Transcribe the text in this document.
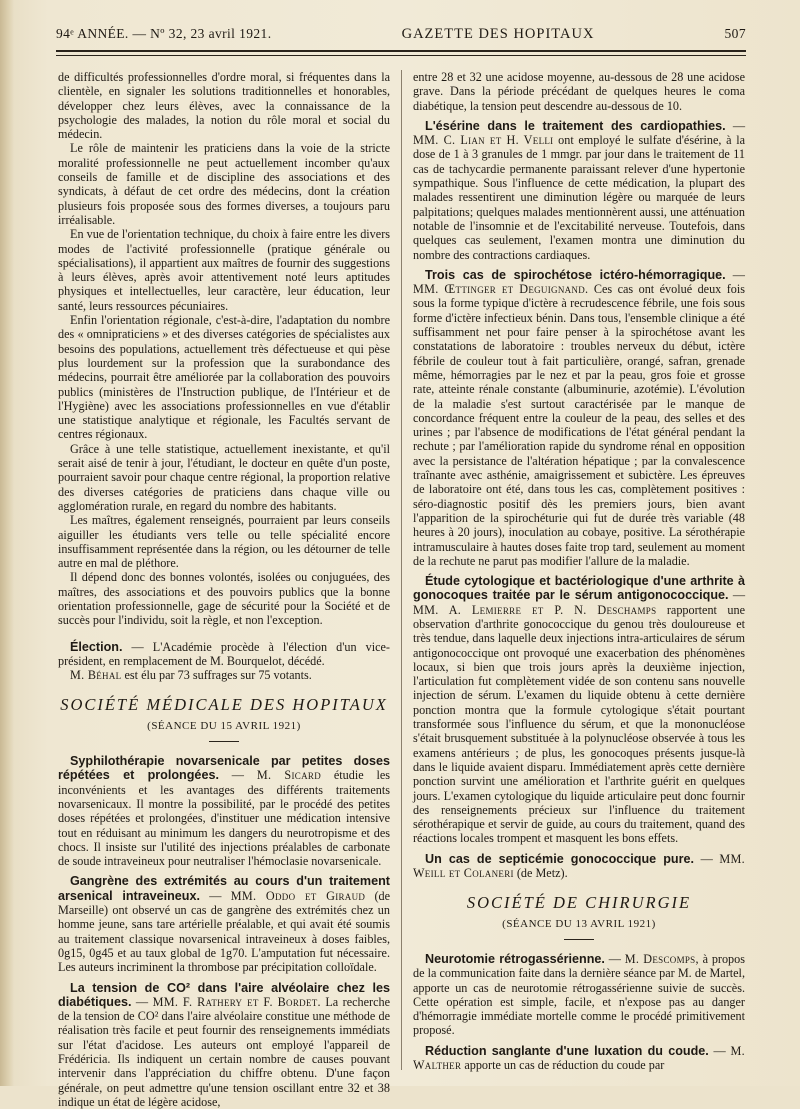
94ᵉ ANNÉE. — Nº 32, 23 avril 1921.	GAZETTE DES HOPITAUX	507

de difficultés professionnelles d'ordre moral, si fréquentes dans la clientèle, en signaler les solutions traditionnelles et honorables, développer chez leurs élèves, avec la connaissance de la psychologie des malades, la notion du rôle moral et social du médecin.

Le rôle de maintenir les praticiens dans la voie de la stricte moralité professionnelle ne peut actuellement incomber qu'aux conseils de famille et de discipline des associations et des syndicats, à défaut de cet ordre des médecins, dont la création plusieurs fois proposée sous des formes diverses, a toujours paru irréalisable.

En vue de l'orientation technique, du choix à faire entre les divers modes de l'activité professionnelle (pratique générale ou spécialisations), il appartient aux maîtres de fournir des suggestions à leurs élèves, après avoir attentivement noté leurs aptitudes physiques et intellectuelles, leur caractère, leur éducation, leur santé, leurs ressources pécuniaires.

Enfin l'orientation régionale, c'est-à-dire, l'adaptation du nombre des « omnipraticiens » et des diverses catégories de spécialistes aux besoins des populations, actuellement très défectueuse et qui pèse plus lourdement sur la profession que la surabondance des médecins, pourrait être améliorée par la collaboration des pouvoirs publics (ministères de l'Instruction publique, de l'Intérieur et de l'Hygiène) avec les associations professionnelles en vue d'établir une statistique analytique et régionale, les Facultés servant de centres régionaux.

Grâce à une telle statistique, actuellement inexistante, et qu'il serait aisé de tenir à jour, l'étudiant, le docteur en quête d'un poste, pourraient savoir pour chaque centre régional, la proportion relative des diverses catégories de praticiens dans chaque ville ou agglomération rurale, en regard du nombre des habitants.

Les maîtres, également renseignés, pourraient par leurs conseils aiguiller les étudiants vers telle ou telle spécialité encore insuffisamment représentée dans la région, ou les détourner de telle autre en mal de pléthore.

Il dépend donc des bonnes volontés, isolées ou conjuguées, des maîtres, des associations et des pouvoirs publics que la bonne orientation professionnelle, gage de sécurité pour la Société et de succès pour l'individu, soit la règle, et non l'exception.

Élection. — L'Académie procède à l'élection d'un vice-président, en remplacement de M. Bourquelot, décédé.

M. Béhal est élu par 73 suffrages sur 75 votants.

SOCIÉTÉ MÉDICALE DES HOPITAUX
(SÉANCE DU 15 AVRIL 1921)

Syphilothérapie novarsenicale par petites doses répétées et prolongées. — M. Sicard étudie les inconvénients et les avantages des différents traitements novarsenicaux. Il montre la possibilité, par le procédé des petites doses répétées et prolongées, d'instituer une médication intensive tout en réduisant au minimum les dangers du neurotropisme et des chocs. Il insiste sur l'utilité des injections préalables de carbonate de soude intraveineux pour neutraliser l'hémoclasie novarsenicale.

Gangrène des extrémités au cours d'un traitement arsenical intraveineux. — MM. Oddo et Giraud (de Marseille) ont observé un cas de gangrène des extrémités chez un homme jeune, sans tare artérielle préalable, et qui avait été soumis au traitement classique novarsenical intraveineux à doses faibles, 0g15, 0g45 et au taux global de 1g70. L'amputation fut nécessaire. Les auteurs incriminent la thrombose par précipitation colloïdale.

La tension de CO² dans l'aire alvéolaire chez les diabétiques. — MM. F. Rathery et F. Bordet. La recherche de la tension de CO² dans l'aire alvéolaire constitue une méthode de réalisation très facile et peut fournir des renseignements immédiats sur l'état d'acidose. Les auteurs ont employé l'appareil de Frédéricia. Ils indiquent un certain nombre de causes pouvant intervenir dans l'appréciation du chiffre obtenu. D'une façon générale, on peut admettre qu'une tension oscillant entre 32 et 38 indique un état de légère acidose,

entre 28 et 32 une acidose moyenne, au-dessous de 28 une acidose grave. Dans la période précédant de quelques heures le coma diabétique, la tension peut descendre au-dessous de 10.

L'ésérine dans le traitement des cardiopathies. — MM. C. Lian et H. Velli ont employé le sulfate d'ésérine, à la dose de 1 à 3 granules de 1 mmgr. par jour dans le traitement de 11 cas de tachycardie permanente paraissant relever d'une hypertonie sympathique. Sous l'influence de cette médication, la plupart des malades ressentirent une diminution légère ou marquée de leurs palpitations; quelques malades mentionnèrent aussi, une atténuation notable de l'insomnie et de l'excitabilité nerveuse. Toutefois, dans quelques cas seulement, l'examen montra une diminution du nombre des contractions cardiaques.

Trois cas de spirochétose ictéro-hémorragique. — MM. Œttinger et Deguignand. Ces cas ont évolué deux fois sous la forme typique d'ictère à recrudescence fébrile, une fois sous forme d'ictère infectieux bénin. Dans tous, l'ensemble clinique a été suffisamment net pour faire penser à la spirochétose avant les constatations de laboratoire : troubles nerveux du début, ictère fébrile de couleur tout à fait particulière, orangé, safran, grenade même, hémorragies par le nez et par la peau, gros foie et grosse rate, atteinte rénale constante (albuminurie, azotémie). L'évolution de la maladie s'est surtout caractérisée par le manque de concordance fréquent entre la couleur de la peau, des selles et des urines ; par l'absence de modifications de l'état général pendant la rechute ; par l'amélioration rapide du syndrome rénal en opposition avec la persistance de l'altération hépatique ; par la convalescence traînante avec asthénie, amaigrissement et subictère. Les épreuves de laboratoire ont été, dans tous les cas, complètement positives : séro-diagnostic positif dès les premiers jours, bien avant l'apparition de la spirochéturie qui fut de durée très variable (48 heures à 20 jours), inoculation au cobaye, positive. La sérothérapie intramusculaire à hautes doses faite trop tard, seulement au moment de la rechute ne parut pas modifier l'allure de la maladie.

Étude cytologique et bactériologique d'une arthrite à gonocoques traitée par le sérum antigonococcique. — MM. A. Lemierre et P. N. Deschamps rapportent une observation d'arthrite gonococcique du genou très douloureuse et très tendue, dans laquelle deux injections intra-articulaires de sérum antigonococcique ont provoqué une exacerbation des phénomènes locaux, si bien que trois jours après la deuxième injection, l'articulation fut complètement vidée de son contenu sans nouvelle injection de sérum. L'examen du liquide obtenu à cette dernière ponction montra que la formule cytologique s'était pourtant transformée sous l'influence du sérum, et que la mononucléose s'était brusquement substituée à la polynucléose observée à tous les examens antérieurs ; de plus, les gonocoques présents jusque-là dans le liquide avaient disparu. Immédiatement après cette dernière ponction survint une amélioration et l'arthrite guérit en quelques jours. L'examen cytologique du liquide articulaire peut donc fournir des renseignements précieux sur l'influence du traitement sérothérapique et servir de guide, au cours du traitement, quand des réactions locales trompent et masquent les bons effets.

Un cas de septicémie gonococcique pure. — MM. Weill et Colaneri (de Metz).

SOCIÉTÉ DE CHIRURGIE
(SÉANCE DU 13 AVRIL 1921)

Neurotomie rétrogassérienne. — M. Descomps, à propos de la communication faite dans la dernière séance par M. de Martel, apporte un cas de neurotomie rétrogassérienne suivie de succès. Cette opération est simple, facile, et n'expose pas au danger d'hémorragie immédiate mortelle comme le procédé primitivement proposé.

Réduction sanglante d'une luxation du coude. — M. Walther apporte un cas de réduction du coude par
